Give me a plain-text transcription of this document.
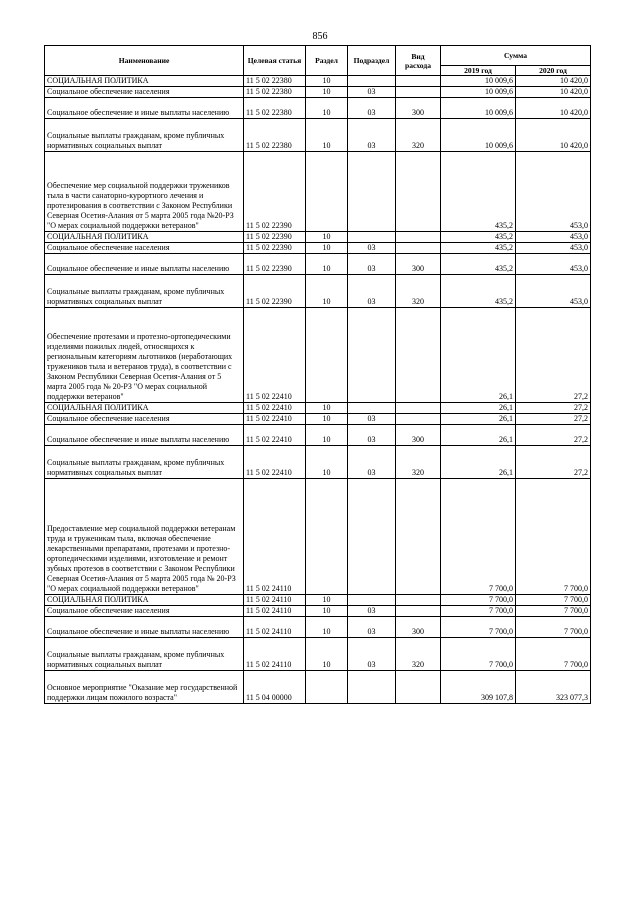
856
Наименование	Целевая статья	Раздел	Подраздел	Вид расхода	Сумма	
					2019 год	2020 год
СОЦИАЛЬНАЯ ПОЛИТИКА	11 5 02 22380	10			10 009,6	10 420,0
Социальное обеспечение населения	11 5 02 22380	10	03		10 009,6	10 420,0
Социальное обеспечение и иные выплаты населению	11 5 02 22380	10	03	300	10 009,6	10 420,0
Социальные выплаты гражданам, кроме публичных нормативных социальных выплат	11 5 02 22380	10	03	320	10 009,6	10 420,0
Обеспечение мер социальной поддержки тружеников тыла в части санаторно-курортного лечения и протезирования в соответствии с Законом Республики Северная Осетия-Алания от 5 марта 2005 года №20-РЗ "О мерах социальной поддержки ветеранов"	11 5 02 22390				435,2	453,0
СОЦИАЛЬНАЯ ПОЛИТИКА	11 5 02 22390	10			435,2	453,0
Социальное обеспечение населения	11 5 02 22390	10	03		435,2	453,0
Социальное обеспечение и иные выплаты населению	11 5 02 22390	10	03	300	435,2	453,0
Социальные выплаты гражданам, кроме публичных нормативных социальных выплат	11 5 02 22390	10	03	320	435,2	453,0
Обеспечение протезами и протезно-ортопедическими изделиями пожилых людей, относящихся к региональным категориям льготников (неработающих тружеников тыла и ветеранов труда), в соответствии с Законом Республики Северная Осетия-Алания от 5 марта 2005 года № 20-РЗ "О мерах социальной поддержки ветеранов"	11 5 02 22410				26,1	27,2
СОЦИАЛЬНАЯ ПОЛИТИКА	11 5 02 22410	10			26,1	27,2
Социальное обеспечение населения	11 5 02 22410	10	03		26,1	27,2
Социальное обеспечение и иные выплаты населению	11 5 02 22410	10	03	300	26,1	27,2
Социальные выплаты гражданам, кроме публичных нормативных социальных выплат	11 5 02 22410	10	03	320	26,1	27,2
Предоставление мер социальной поддержки ветеранам труда и труженикам тыла, включая обеспечение лекарственными препаратами, протезами и протезно-ортопедическими изделиями, изготовление и ремонт зубных протезов в соответствии с Законом Республики Северная Осетия-Алания от 5 марта 2005 года № 20-РЗ "О мерах социальной поддержки ветеранов"	11 5 02 24110				7 700,0	7 700,0
СОЦИАЛЬНАЯ ПОЛИТИКА	11 5 02 24110	10			7 700,0	7 700,0
Социальное обеспечение населения	11 5 02 24110	10	03		7 700,0	7 700,0
Социальное обеспечение и иные выплаты населению	11 5 02 24110	10	03	300	7 700,0	7 700,0
Социальные выплаты гражданам, кроме публичных нормативных социальных выплат	11 5 02 24110	10	03	320	7 700,0	7 700,0
Основное мероприятие "Оказание мер государственной поддержки лицам пожилого возраста"	11 5 04 00000				309 107,8	323 077,3
